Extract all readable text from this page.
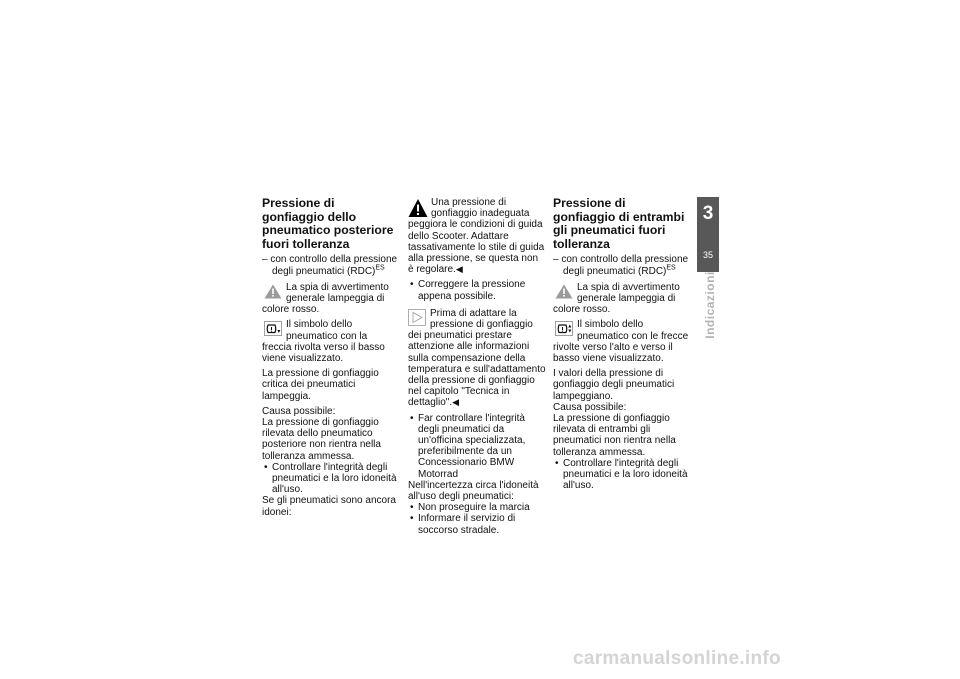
Pressione di gonfiaggio dello pneumatico posteriore fuori tolleranza
– con controllo della pressione degli pneumatici (RDC)$^{ES}$

La spia di avvertimento generale lampeggia di colore rosso.

Il simbolo dello pneumatico con la freccia rivolta verso il basso viene visualizzato.

La pressione di gonfiaggio critica dei pneumatici lampeggia.

Causa possibile:

La pressione di gonfiaggio rilevata dello pneumatico posteriore non rientra nella tolleranza ammessa.

• Controllare l'integrità degli pneumatici e la loro idoneità all'uso.

Se gli pneumatici sono ancora idonei:

Una pressione di gonfiaggio inadeguata peggiora le condizioni di guida dello Scooter. Adattare tassativamente lo stile di guida alla pressione, se questa non è regolare.◀

• Correggere la pressione appena possibile.

Prima di adattare la pressione di gonfiaggio dei pneumatici prestare attenzione alle informazioni sulla compensazione della temperatura e sull'adattamento della pressione di gonfiaggio nel capitolo "Tecnica in dettaglio".◀

• Far controllare l'integrità degli pneumatici da un'officina specializzata, preferibilmente da un Concessionario BMW Motorrad

Nell'incertezza circa l'idoneità all'uso degli pneumatici:

• Non proseguire la marcia
• Informare il servizio di soccorso stradale.
Pressione di gonfiaggio di entrambi gli pneumatici fuori tolleranza
– con controllo della pressione degli pneumatici (RDC)$^{ES}$

La spia di avvertimento generale lampeggia di colore rosso.

Il simbolo dello pneumatico con le frecce rivolte verso l'alto e verso il basso viene visualizzato.

I valori della pressione di gonfiaggio degli pneumatici lampeggiano.

Causa possibile:

La pressione di gonfiaggio rilevata di entrambi gli pneumatici non rientra nella tolleranza ammessa.

• Controllare l'integrità degli pneumatici e la loro idoneità all'uso.
3
35
Indicazioni
carmanualsonline.info
